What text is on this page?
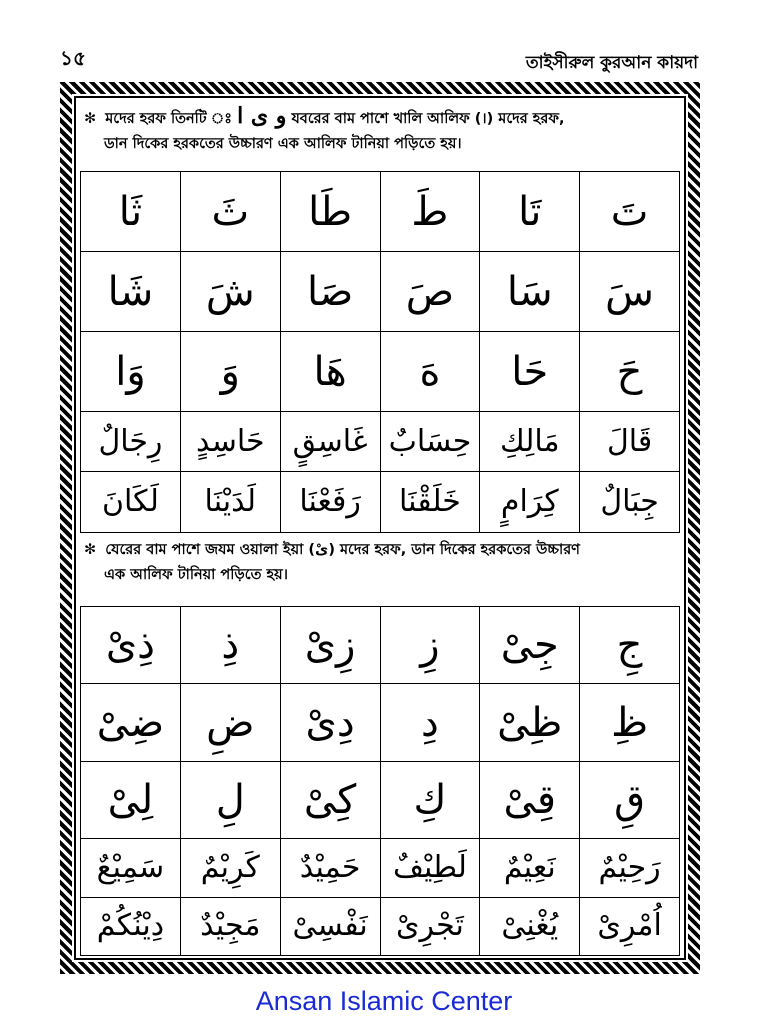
১৫	তাইসীরুল কুরআন কায়দা
✻ মদের হরফ তিনটি ঃ و ى ا যবরের বাম পাশে খালি আলিফ (।) মদের হরফ,
ডান দিকের হরকতের উচ্চারণ এক আলিফ টানিয়া পড়িতে হয়।
تَ	تَا	طَ	طَا	ثَ	ثَا
سَ	سَا	صَ	صَا	شَ	شَا
حَ	حَا	هَ	هَا	وَ	وَا
قَالَ	مَالِكِ	حِسَابٌ	غَاسِقٍ	حَاسِدٍ	رِجَالٌ
جِبَالٌ	كِرَامٍ	خَلَقْنَا	رَفَعْنَا	لَدَيْنَا	لَكَانَ
✻ যেরের বাম পাশে জযম ওয়ালা ইয়া (ىْ) মদের হরফ, ডান দিকের হরকতের উচ্চারণ
এক আলিফ টানিয়া পড়িতে হয়।
جِ	جِىْ	زِ	زِىْ	ذِ	ذِىْ
ظِ	ظِىْ	دِ	دِىْ	ضِ	ضِىْ
قِ	قِىْ	كِ	كِىْ	لِ	لِىْ
رَحِيْمٌ	نَعِيْمٌ	لَطِيْفٌ	حَمِيْدٌ	كَرِيْمٌ	سَمِيْعٌ
اُمْرِىْ	يُغْنِىْ	تَجْرِىْ	نَفْسِىْ	مَجِيْدٌ	دِيْنُكُمْ
Ansan Islamic Center
